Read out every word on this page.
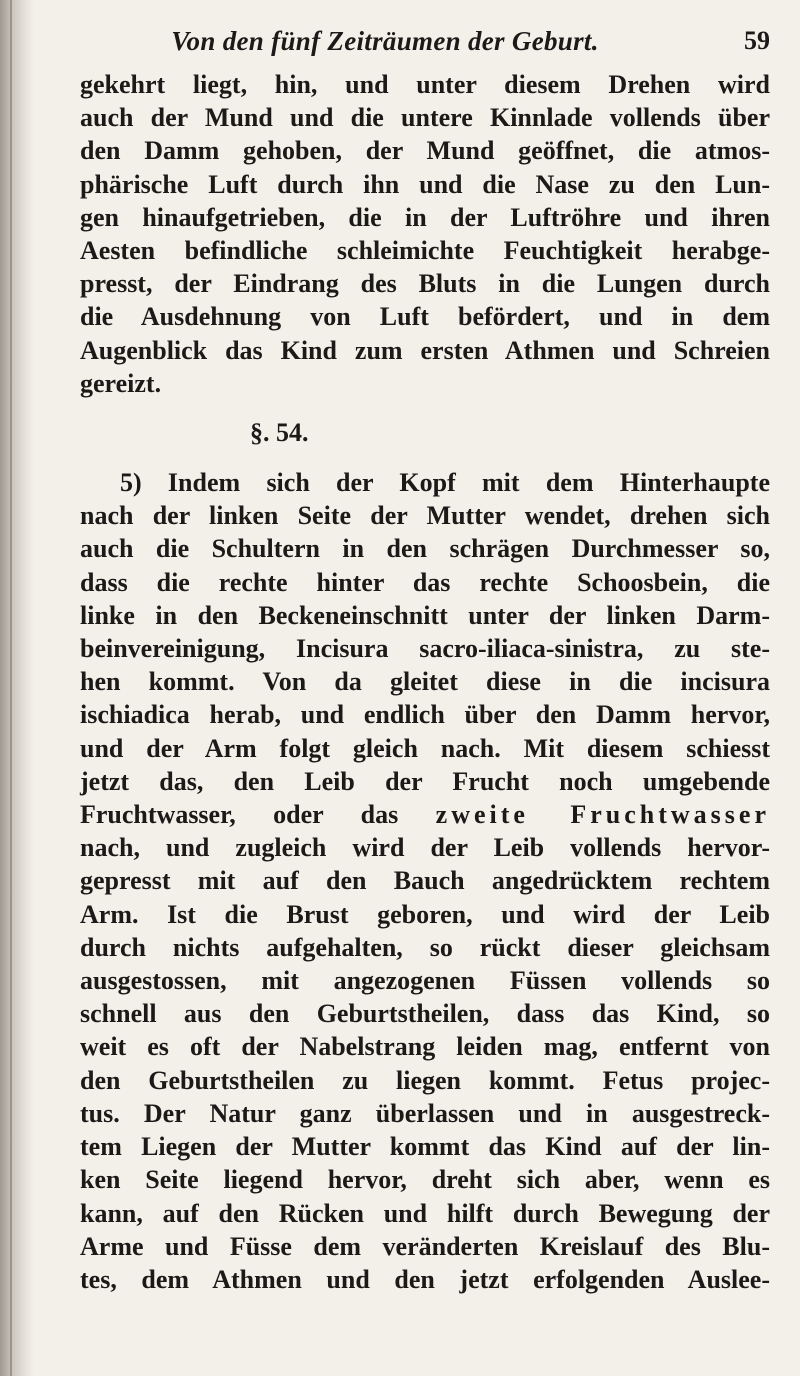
Von den fünf Zeiträumen der Geburt.	59
gekehrt liegt, hin, und unter diesem Drehen wird
auch der Mund und die untere Kinnlade vollends über
den Damm gehoben, der Mund geöffnet, die atmos-
phärische Luft durch ihn und die Nase zu den Lun-
gen hinaufgetrieben, die in der Luftröhre und ihren
Aesten befindliche schleimichte Feuchtigkeit herabge-
presst, der Eindrang des Bluts in die Lungen durch
die Ausdehnung von Luft befördert, und in dem
Augenblick das Kind zum ersten Athmen und Schreien
gereizt.
§. 54.
5) Indem sich der Kopf mit dem Hinterhaupte
nach der linken Seite der Mutter wendet, drehen sich
auch die Schultern in den schrägen Durchmesser so,
dass die rechte hinter das rechte Schoosbein, die
linke in den Beckeneinschnitt unter der linken Darm-
beinvereinigung, Incisura sacro-iliaca-sinistra, zu ste-
hen kommt. Von da gleitet diese in die incisura
ischiadica herab, und endlich über den Damm hervor,
und der Arm folgt gleich nach. Mit diesem schiesst
jetzt das, den Leib der Frucht noch umgebende
Fruchtwasser, oder das zweite Fruchtwasser
nach, und zugleich wird der Leib vollends hervor-
gepresst mit auf den Bauch angedrücktem rechtem
Arm. Ist die Brust geboren, und wird der Leib
durch nichts aufgehalten, so rückt dieser gleichsam
ausgestossen, mit angezogenen Füssen vollends so
schnell aus den Geburtstheilen, dass das Kind, so
weit es oft der Nabelstrang leiden mag, entfernt von
den Geburtstheilen zu liegen kommt. Fetus projec-
tus. Der Natur ganz überlassen und in ausgestreck-
tem Liegen der Mutter kommt das Kind auf der lin-
ken Seite liegend hervor, dreht sich aber, wenn es
kann, auf den Rücken und hilft durch Bewegung der
Arme und Füsse dem veränderten Kreislauf des Blu-
tes, dem Athmen und den jetzt erfolgenden Auslee-
